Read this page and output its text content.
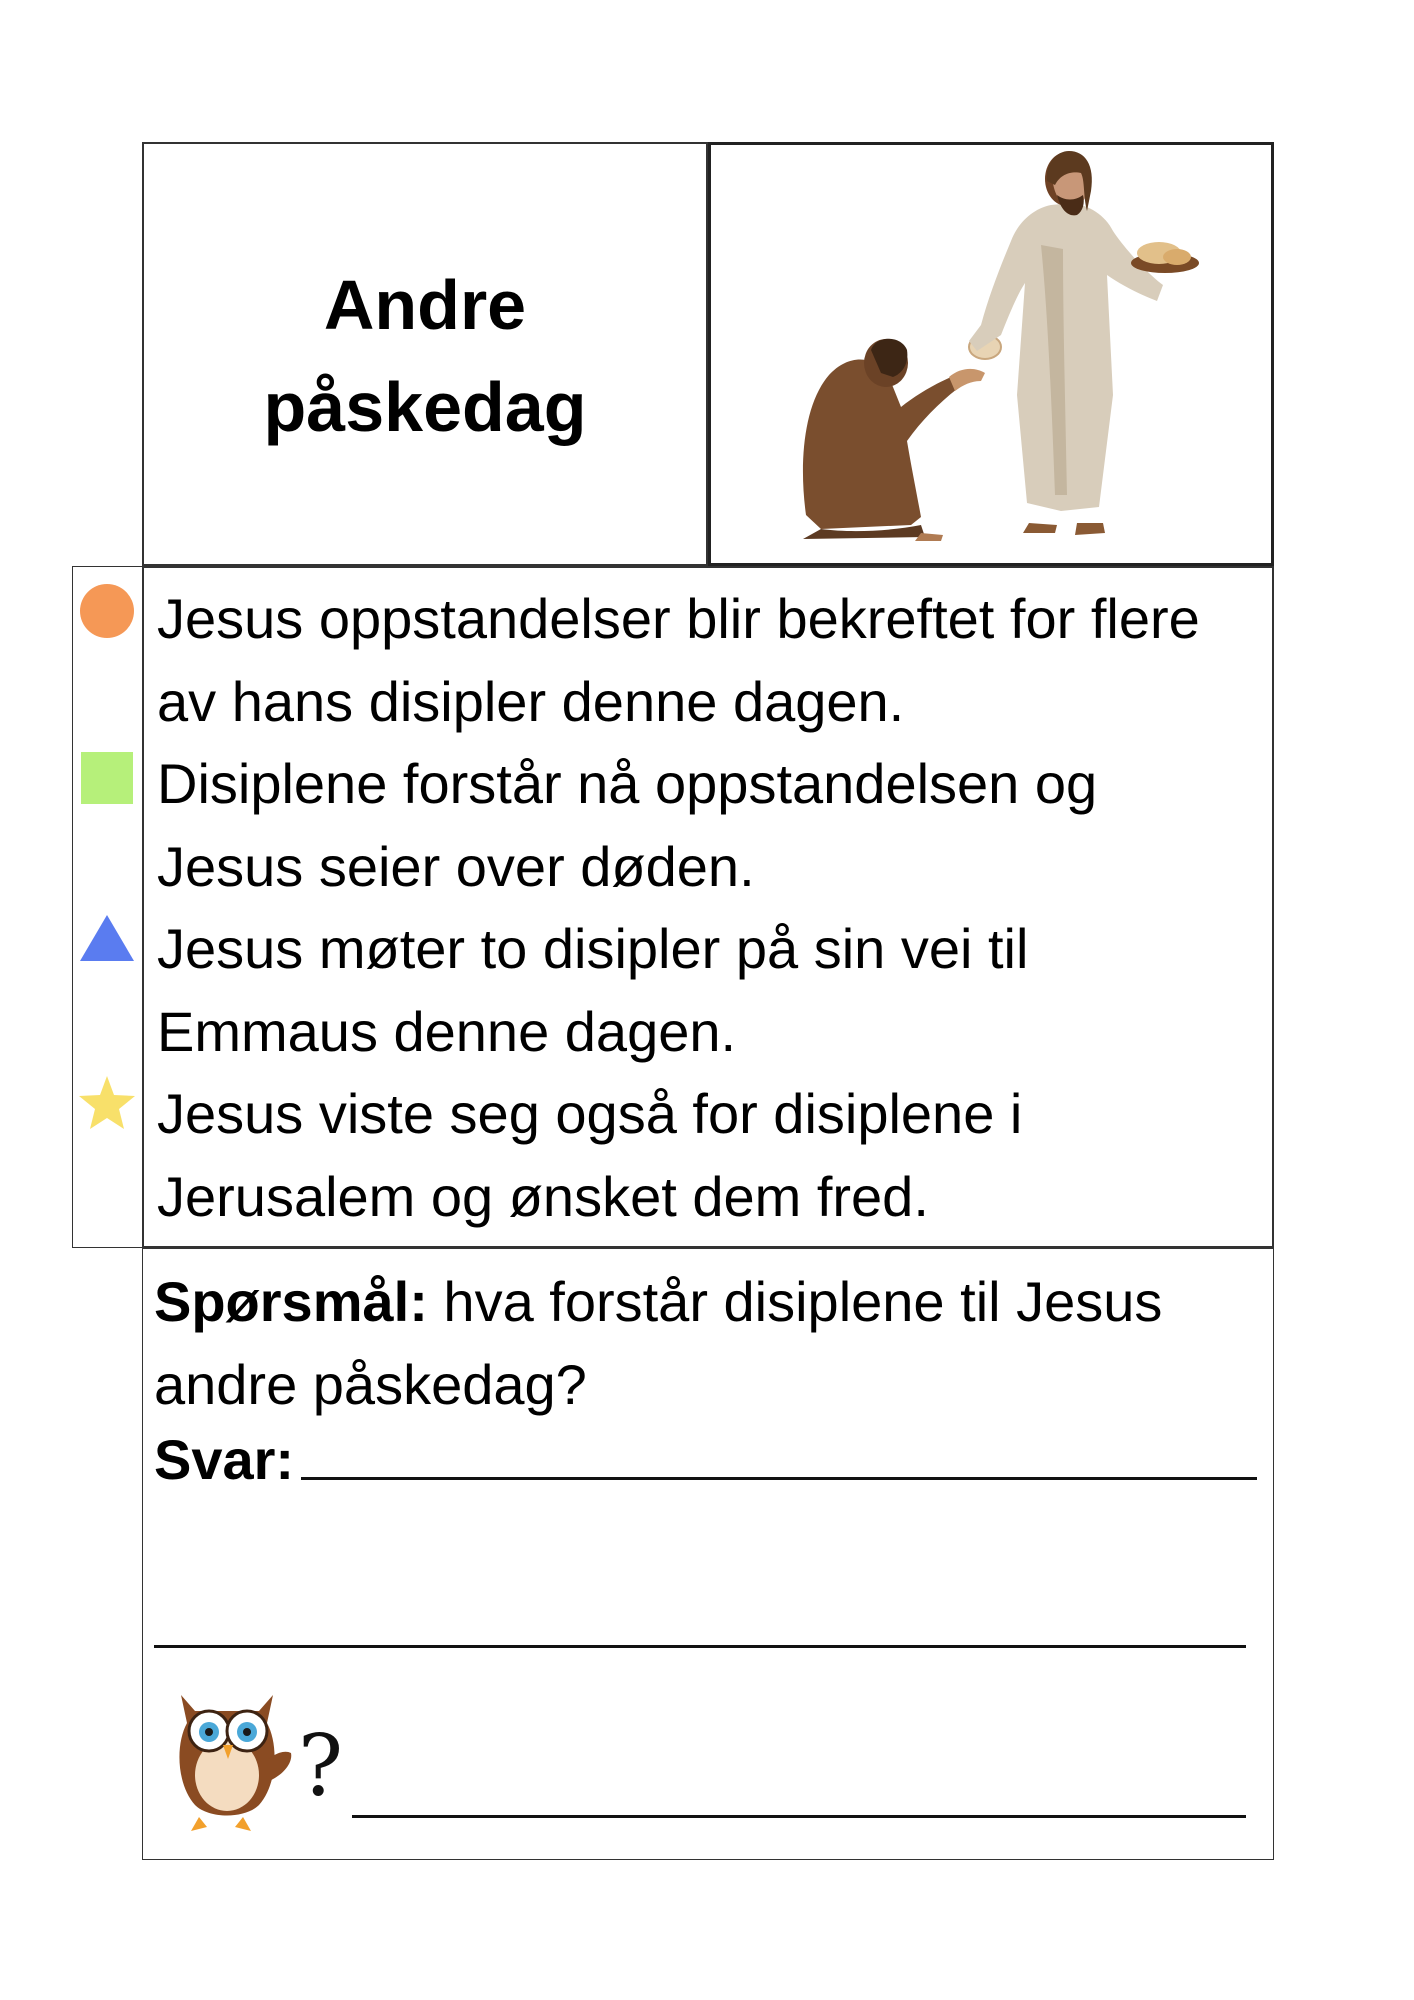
Andre
påskedag
Jesus oppstandelser blir bekreftet for flere av hans disipler denne dagen.
Disiplene forstår nå oppstandelsen og Jesus seier over døden.
Jesus møter to disipler på sin vei til Emmaus denne dagen.
Jesus viste seg også for disiplene i Jerusalem og ønsket dem fred.
Spørsmål: hva forstår disiplene til Jesus andre påskedag?
Svar:
?
